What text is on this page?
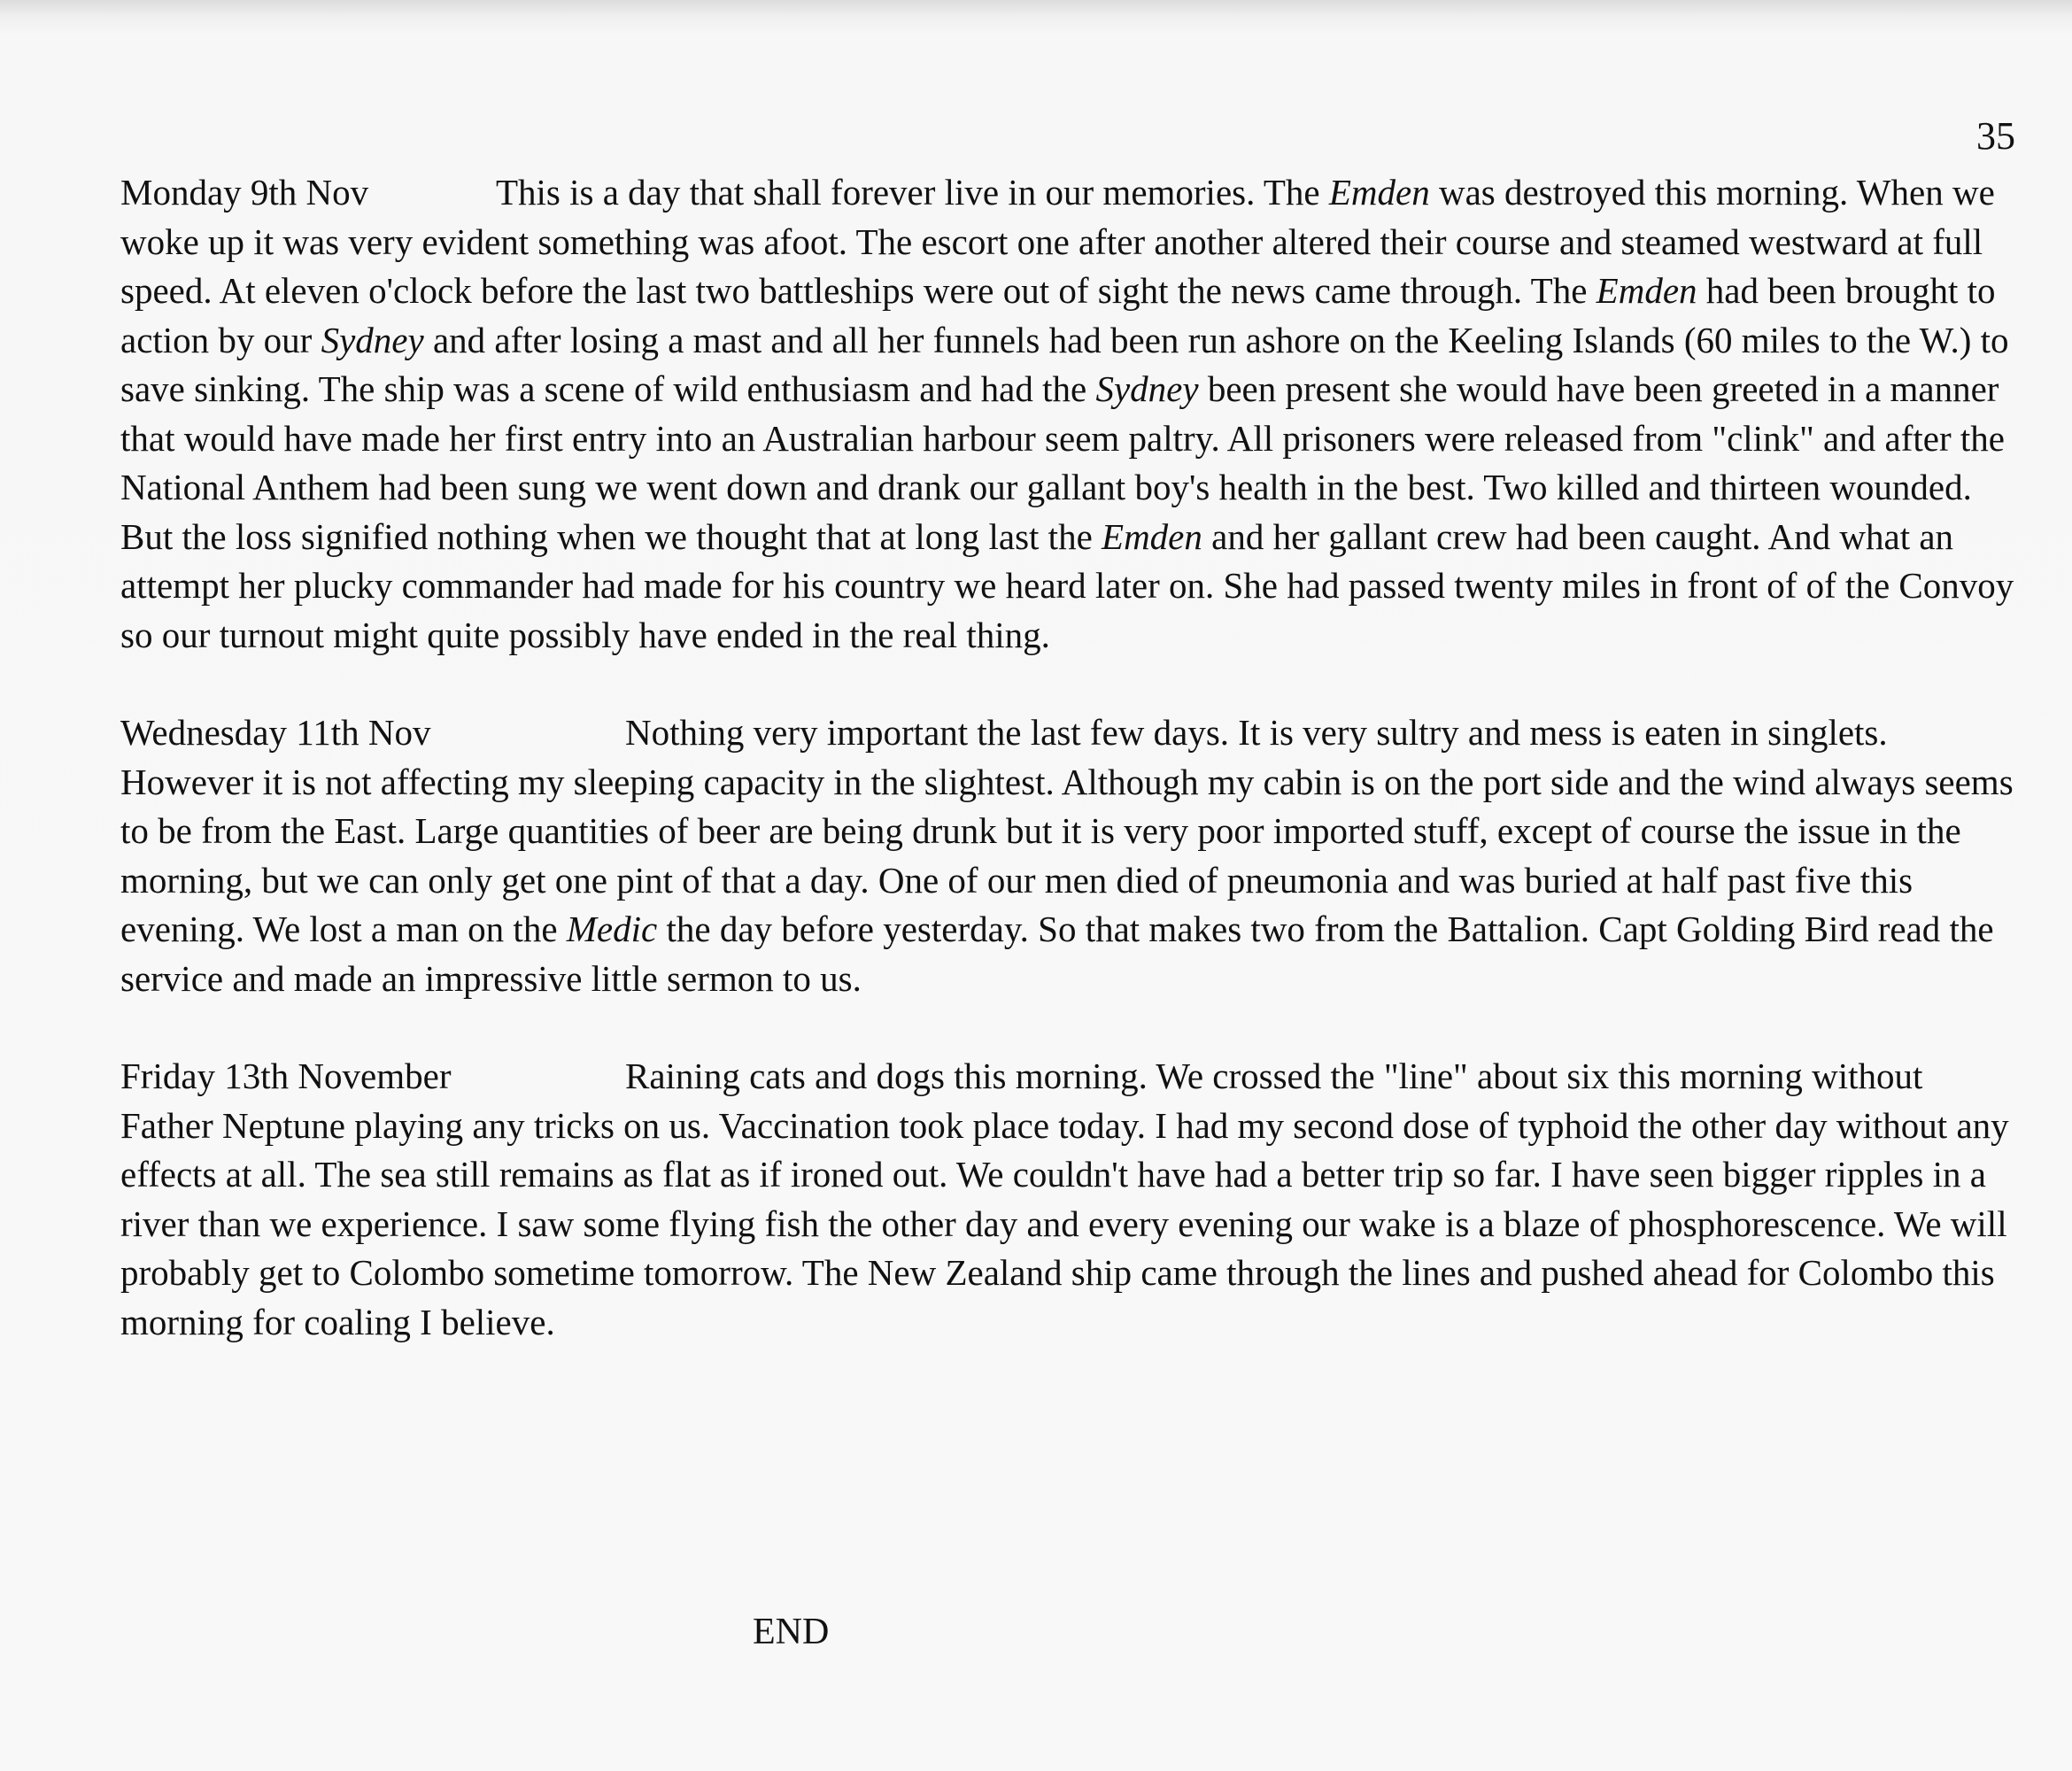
35

Monday 9th Nov	This is a day that shall forever live in our memories. The Emden was destroyed this morning. When we woke up it was very evident something was afoot. The escort one after another altered their course and steamed westward at full speed. At eleven o'clock before the last two battleships were out of sight the news came through. The Emden had been brought to action by our Sydney and after losing a mast and all her funnels had been run ashore on the Keeling Islands (60 miles to the W.) to save sinking. The ship was a scene of wild enthusiasm and had the Sydney been present she would have been greeted in a manner that would have made her first entry into an Australian harbour seem paltry. All prisoners were released from "clink" and after the National Anthem had been sung we went down and drank our gallant boy's health in the best. Two killed and thirteen wounded. But the loss signified nothing when we thought that at long last the Emden and her gallant crew had been caught. And what an attempt her plucky commander had made for his country we heard later on. She had passed twenty miles in front of of the Convoy so our turnout might quite possibly have ended in the real thing.

Wednesday 11th Nov	Nothing very important the last few days. It is very sultry and mess is eaten in singlets. However it is not affecting my sleeping capacity in the slightest. Although my cabin is on the port side and the wind always seems to be from the East. Large quantities of beer are being drunk but it is very poor imported stuff, except of course the issue in the morning, but we can only get one pint of that a day. One of our men died of pneumonia and was buried at half past five this evening. We lost a man on the Medic the day before yesterday. So that makes two from the Battalion. Capt Golding Bird read the service and made an impressive little sermon to us.

Friday 13th November	Raining cats and dogs this morning. We crossed the "line" about six this morning without Father Neptune playing any tricks on us. Vaccination took place today. I had my second dose of typhoid the other day without any effects at all. The sea still remains as flat as if ironed out. We couldn't have had a better trip so far. I have seen bigger ripples in a river than we experience. I saw some flying fish the other day and every evening our wake is a blaze of phosphorescence. We will probably get to Colombo sometime tomorrow. The New Zealand ship came through the lines and pushed ahead for Colombo this morning for coaling I believe.

END
